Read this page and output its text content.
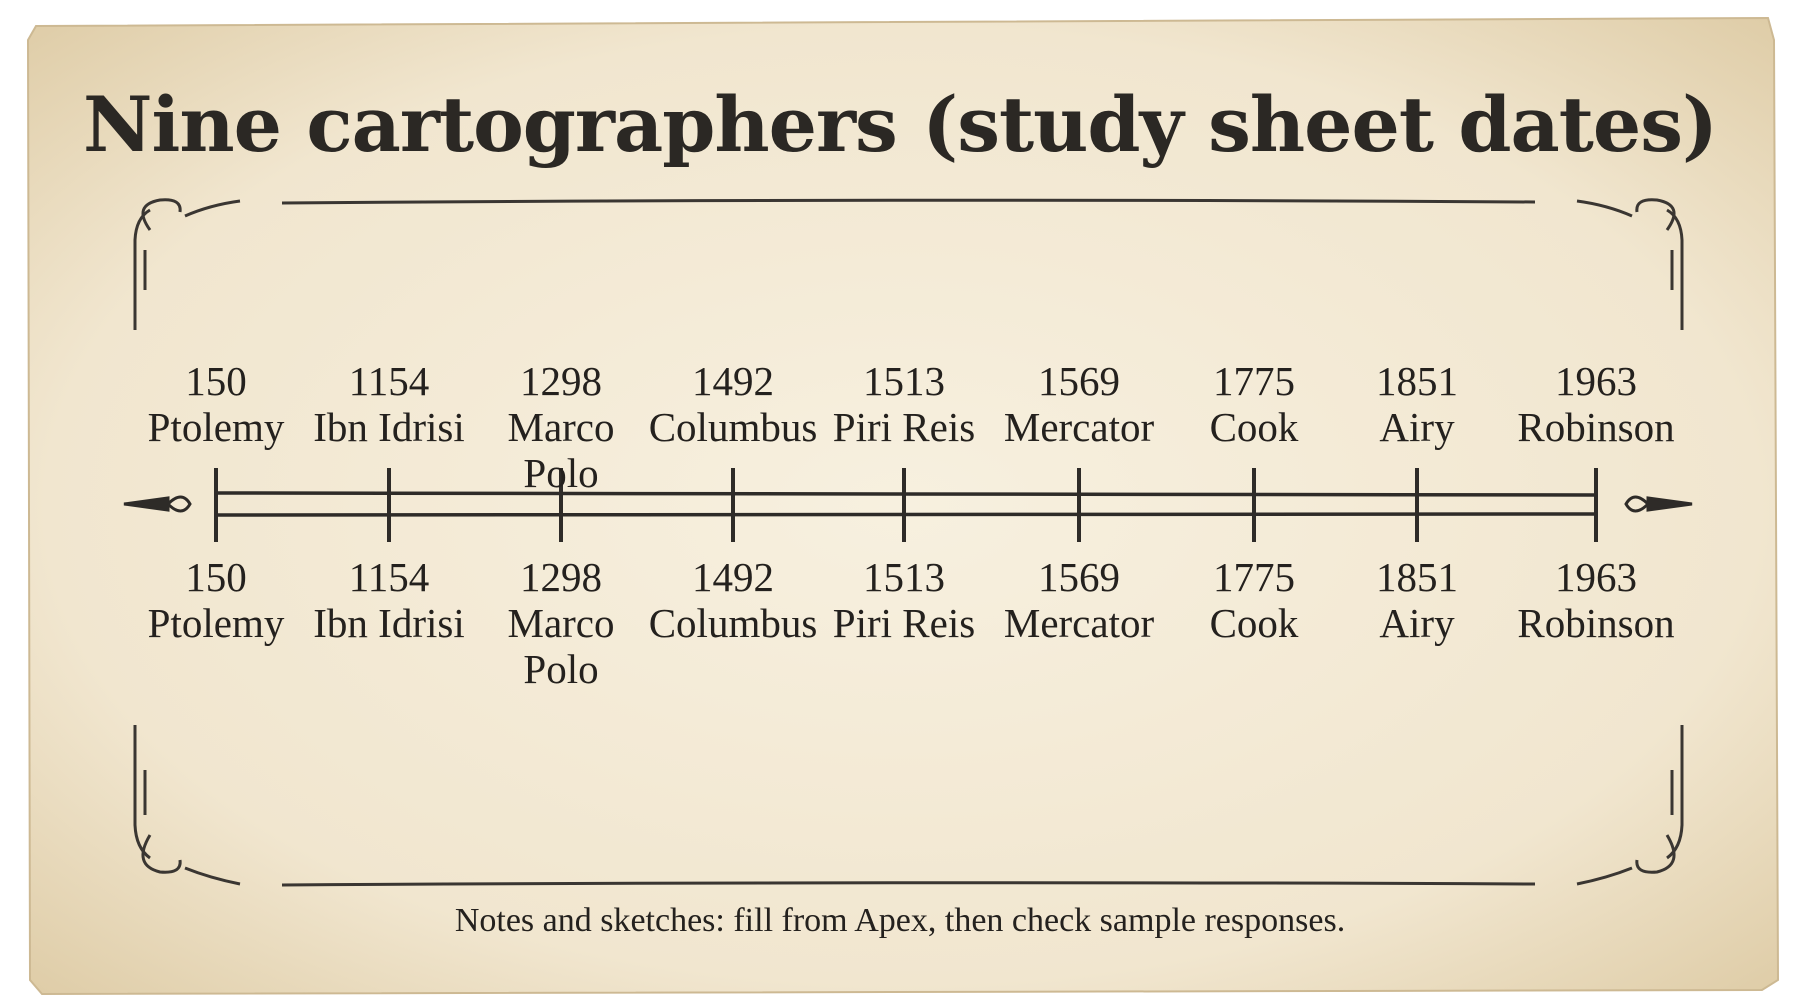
Nine cartographers (study sheet dates)
150
Ptolemy
1154
Ibn Idrisi
1298
Marco Polo
1492
Columbus
1513
Piri Reis
1569
Mercator
1775
Cook
1851
Airy
1963
Robinson
150
Ptolemy
1154
Ibn Idrisi
1298
Marco Polo
1492
Columbus
1513
Piri Reis
1569
Mercator
1775
Cook
1851
Airy
1963
Robinson
Notes and sketches: fill from Apex, then check sample responses.
